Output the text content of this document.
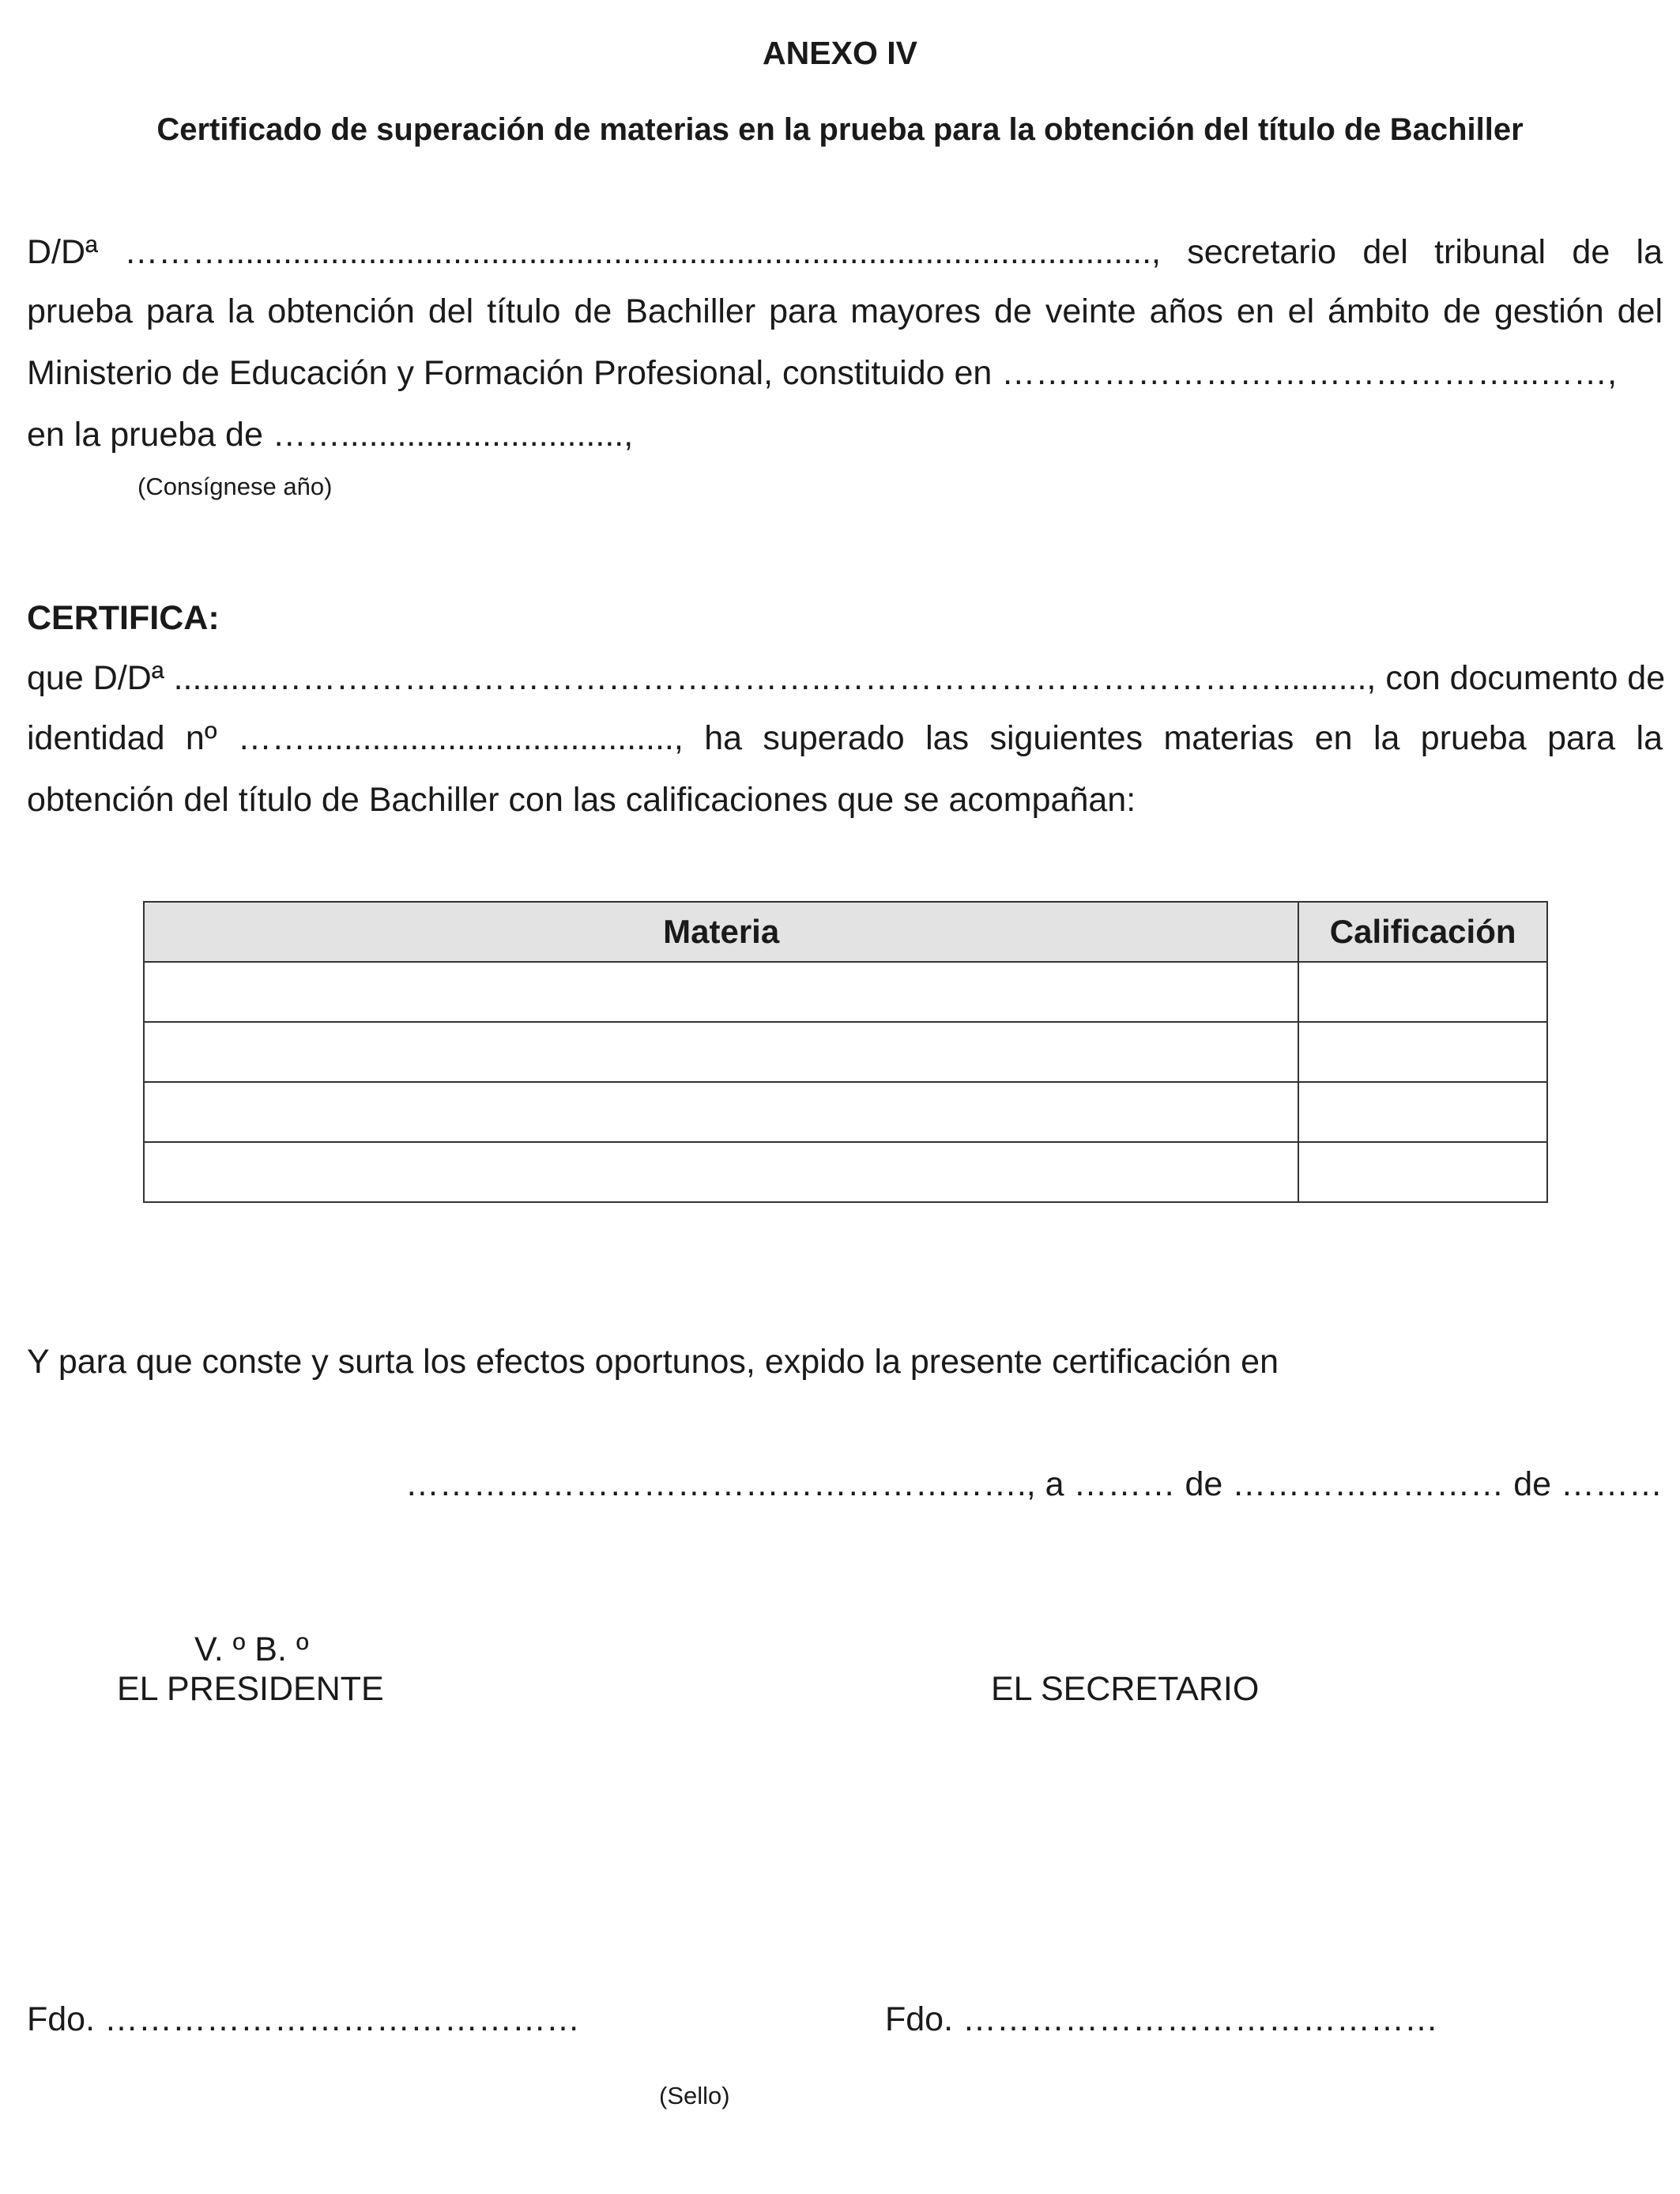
ANEXO IV
Certificado de superación de materias en la prueba para la obtención del título de Bachiller
D/Dª ……….................................................................................................., secretario del tribunal de la
prueba para la obtención del título de Bachiller para mayores de veinte años en el ámbito de gestión del
Ministerio de Educación y Formación Profesional, constituido en ………………………………………...……,
en la prueba de ……..............................,
(Consígnese año)
CERTIFICA:
que D/Dª ..........…………………………………………..………………………………….........., con documento de
identidad nº ……......................................., ha superado las siguientes materias en la prueba para la
obtención del título de Bachiller con las calificaciones que se acompañan:
Materia	Calificación

Y para que conste y surta los efectos oportunos, expido la presente certificación en
………………………………………………., a ……… de …………………… de ………
V. º B. º
EL PRESIDENTE	EL SECRETARIO
Fdo. ……………………………………	Fdo. ……………………………………
(Sello)
